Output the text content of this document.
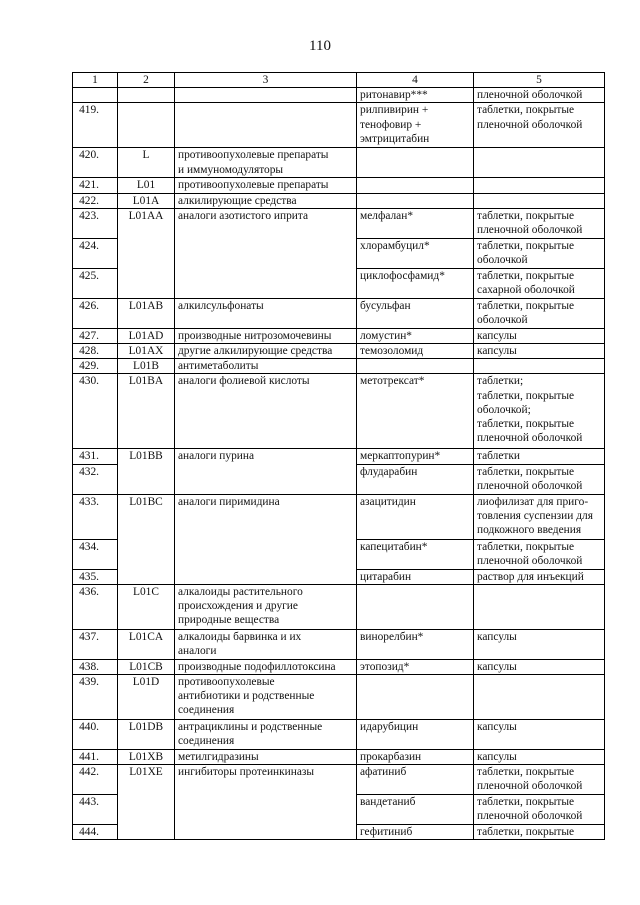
110
1	2	3	4	5
			ритонавир***	пленочной оболочкой
419.			рилпивирин +
тенофовир +
эмтрицитабин	таблетки, покрытые
пленочной оболочкой
420.	L	противоопухолевые препараты
и иммуномодуляторы		
421.	L01	противоопухолевые препараты		
422.	L01A	алкилирующие средства		
423.	L01AA	аналоги азотистого иприта	мелфалан*	таблетки, покрытые
пленочной оболочкой
424.			хлорамбуцил*	таблетки, покрытые
оболочкой
425.			циклофосфамид*	таблетки, покрытые
сахарной оболочкой
426.	L01AB	алкилсульфонаты	бусульфан	таблетки, покрытые
оболочкой
427.	L01AD	производные нитрозомочевины	ломустин*	капсулы
428.	L01AX	другие алкилирующие средства	темозоломид	капсулы
429.	L01B	антиметаболиты		
430.	L01BA	аналоги фолиевой кислоты	метотрексат*	таблетки;
таблетки, покрытые
оболочкой;
таблетки, покрытые
пленочной оболочкой
431.	L01BB	аналоги пурина	меркаптопурин*	таблетки
432.			флударабин	таблетки, покрытые
пленочной оболочкой
433.	L01BC	аналоги пиримидина	азацитидин	лиофилизат для приго-
товления суспензии для
подкожного введения
434.			капецитабин*	таблетки, покрытые
пленочной оболочкой
435.			цитарабин	раствор для инъекций
436.	L01C	алкалоиды растительного
происхождения и другие
природные вещества		
437.	L01CA	алкалоиды барвинка и их
аналоги	винорелбин*	капсулы
438.	L01CB	производные подофиллотоксина	этопозид*	капсулы
439.	L01D	противоопухолевые
антибиотики и родственные
соединения		
440.	L01DB	антрациклины и родственные
соединения	идарубицин	капсулы
441.	L01XB	метилгидразины	прокарбазин	капсулы
442.	L01XE	ингибиторы протеинкиназы	афатиниб	таблетки, покрытые
пленочной оболочкой
443.			вандетаниб	таблетки, покрытые
пленочной оболочкой
444.			гефитиниб	таблетки, покрытые
